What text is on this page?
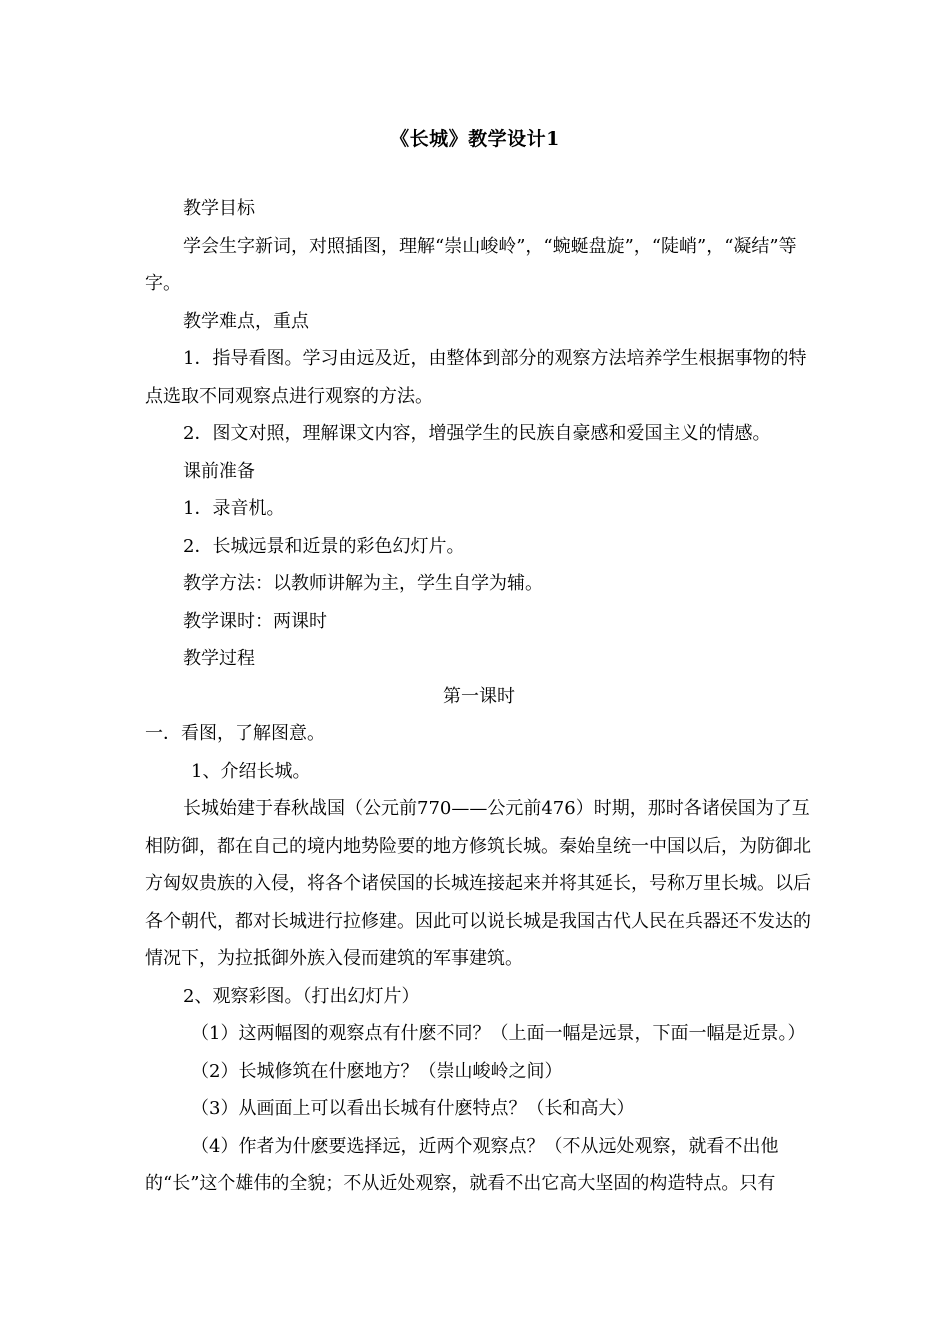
《长城》教学设计1

教学目标

学会生字新词，对照插图，理解“崇山峻岭”，“蜿蜒盘旋”，“陡峭”，“凝结”等字。

教学难点，重点

1．指导看图。学习由远及近，由整体到部分的观察方法培养学生根据事物的特点选取不同观察点进行观察的方法。

2．图文对照，理解课文内容，增强学生的民族自豪感和爱国主义的情感。

课前准备

1．录音机。

2．长城远景和近景的彩色幻灯片。

教学方法：以教师讲解为主，学生自学为辅。

教学课时：两课时

教学过程

第一课时

一．看图，了解图意。

1、介绍长城。

长城始建于春秋战国（公元前770——公元前476）时期，那时各诸侯国为了互相防御，都在自己的境内地势险要的地方修筑长城。秦始皇统一中国以后，为防御北方匈奴贵族的入侵，将各个诸侯国的长城连接起来并将其延长，号称万里长城。以后各个朝代，都对长城进行拉修建。因此可以说长城是我国古代人民在兵器还不发达的情况下，为拉抵御外族入侵而建筑的军事建筑。

2、观察彩图。（打出幻灯片）

（1）这两幅图的观察点有什麽不同？（上面一幅是远景，下面一幅是近景。）

（2）长城修筑在什麽地方？（崇山峻岭之间）

（3）从画面上可以看出长城有什麽特点？（长和高大）

（4）作者为什麽要选择远，近两个观察点？（不从远处观察，就看不出他的“长”这个雄伟的全貌；不从近处观察，就看不出它高大坚固的构造特点。只有
